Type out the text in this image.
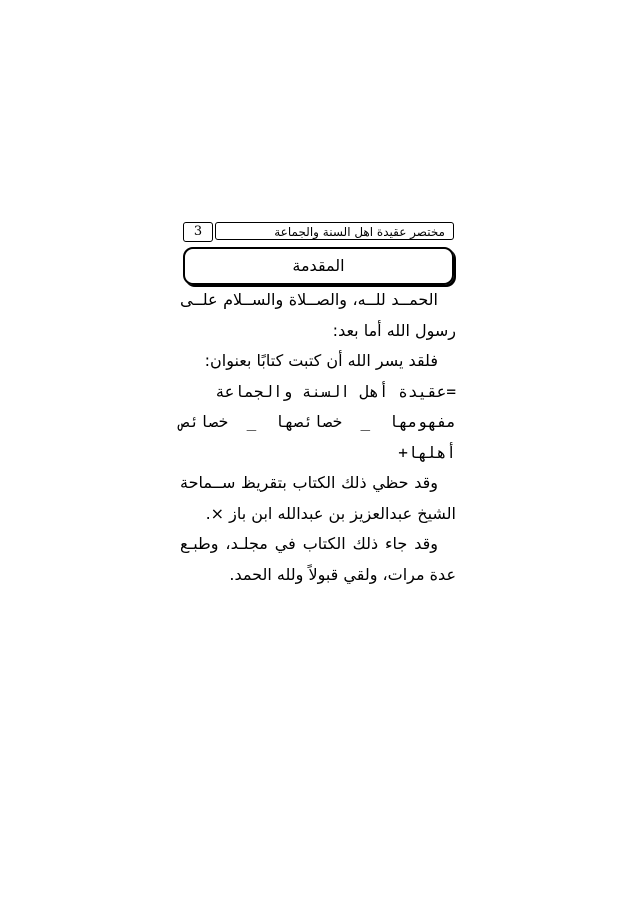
3	مختصر عقيدة اهل السنة والجماعة
المقدمة
الحمــد للــه، والصــلاة والســلام علــى
رسول الله أما بعد:
فلقد يسر الله أن كتبت كتابًا بعنوان:
=عقيدة أهل السنة والجماعة
مفهومها _ خصائصها _ خصائص
أهلها+
وقد حظي ذلك الكتاب بتقريظ ســماحة
الشيخ عبدالعزيز بن عبدالله ابن باز ×.
وقد جاء ذلك الكتاب في مجلـد، وطبـع
عدة مرات، ولقي قبولاً ولله الحمد.
